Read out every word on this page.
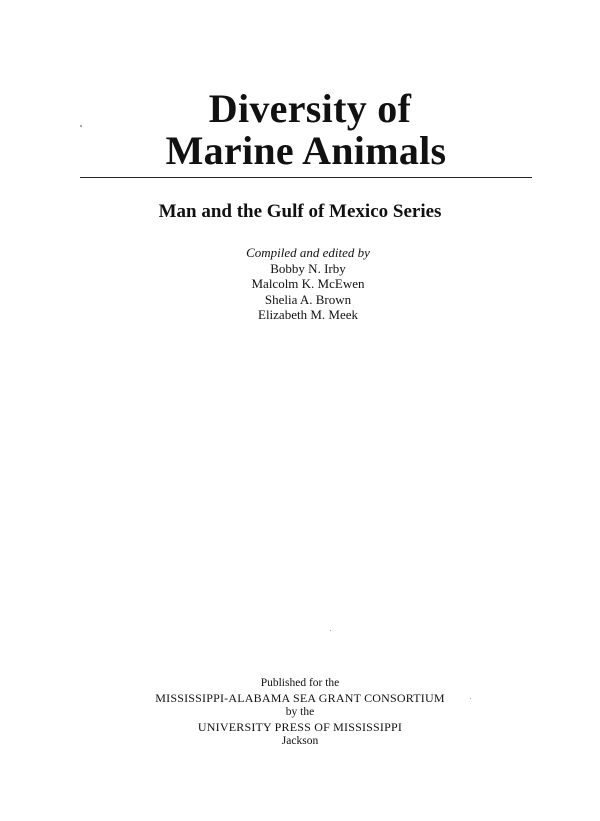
Diversity of
Marine Animals
Man and the Gulf of Mexico Series
Compiled and edited by
Bobby N. Irby
Malcolm K. McEwen
Shelia A. Brown
Elizabeth M. Meek
Published for the
MISSISSIPPI-ALABAMA SEA GRANT CONSORTIUM
by the
UNIVERSITY PRESS OF MISSISSIPPI
Jackson
